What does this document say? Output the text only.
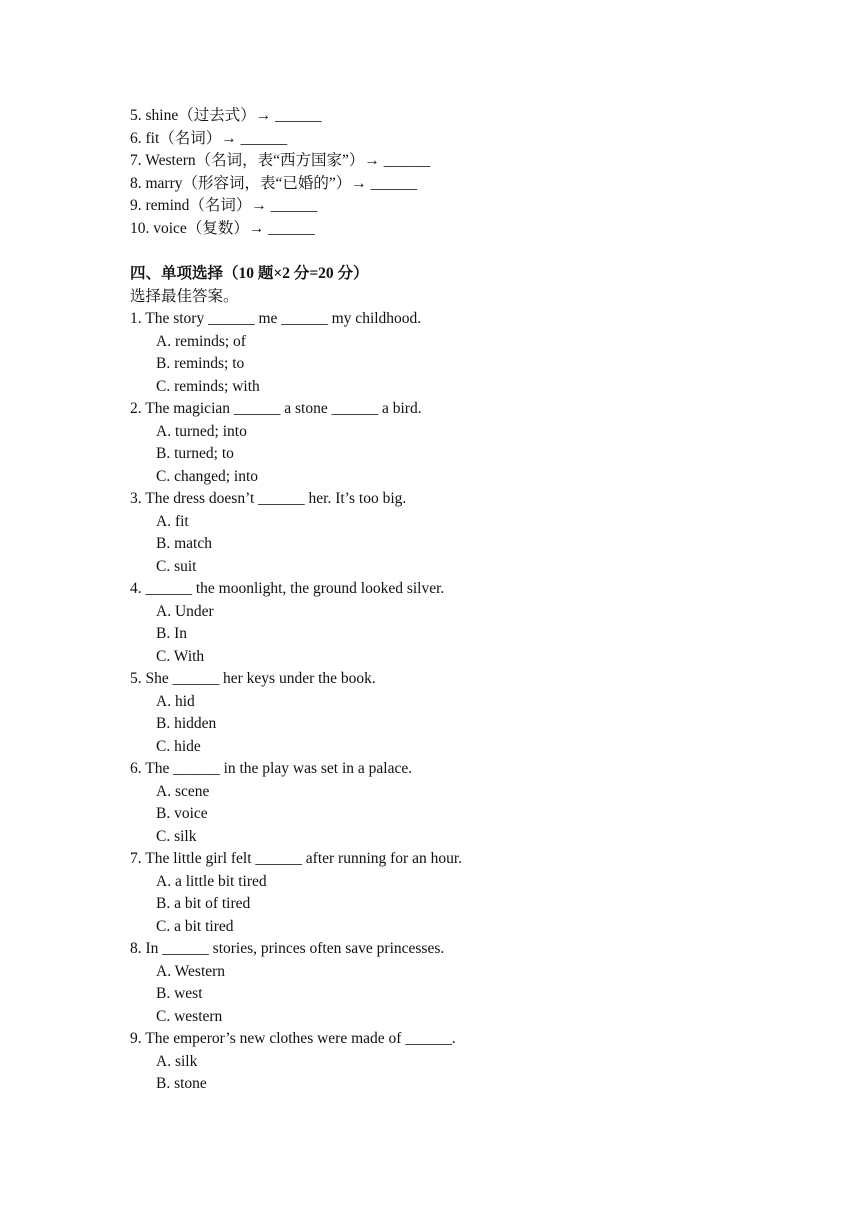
5. shine（过去式）→ ______
6. fit（名词）→ ______
7. Western（名词，表“西方国家”）→ ______
8. marry（形容词，表“已婚的”）→ ______
9. remind（名词）→ ______
10. voice（复数）→ ______
四、单项选择（10 题×2 分=20 分）
选择最佳答案。
1. The story ______ me ______ my childhood.
A. reminds; of
B. reminds; to
C. reminds; with
2. The magician ______ a stone ______ a bird.
A. turned; into
B. turned; to
C. changed; into
3. The dress doesn’t ______ her. It’s too big.
A. fit
B. match
C. suit
4. ______ the moonlight, the ground looked silver.
A. Under
B. In
C. With
5. She ______ her keys under the book.
A. hid
B. hidden
C. hide
6. The ______ in the play was set in a palace.
A. scene
B. voice
C. silk
7. The little girl felt ______ after running for an hour.
A. a little bit tired
B. a bit of tired
C. a bit tired
8. In ______ stories, princes often save princesses.
A. Western
B. west
C. western
9. The emperor’s new clothes were made of ______.
A. silk
B. stone
